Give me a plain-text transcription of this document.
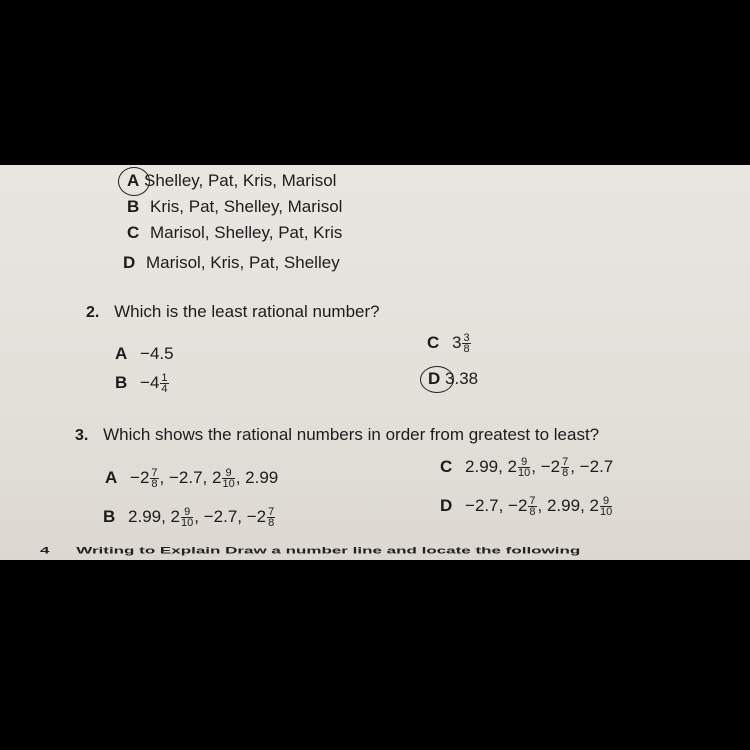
A Shelley, Pat, Kris, Marisol
B Kris, Pat, Shelley, Marisol
C Marisol, Shelley, Pat, Kris
D Marisol, Kris, Pat, Shelley
2. Which is the least rational number?
A −4.5
$B -4 \frac{1}{4}$
C $3 \frac{3}{8}$
D 3.38
3. Which shows the rational numbers in order from greatest to least?
$A -2 \frac{7}{8}$ , −2.7, $2 \frac{9}{10}$ , 2.99
B 2.99, $2 \frac{9}{10}$ , −2.7, $-2 \frac{7}{8}$
C 2.99, $2 \frac{9}{10}$ , $-2 \frac{7}{8}$ , −2.7
D −2.7, $-2 \frac{7}{8}$ , 2.99, $2 \frac{9}{10}$
4 Writing to Explain Draw a number line and locate the following
